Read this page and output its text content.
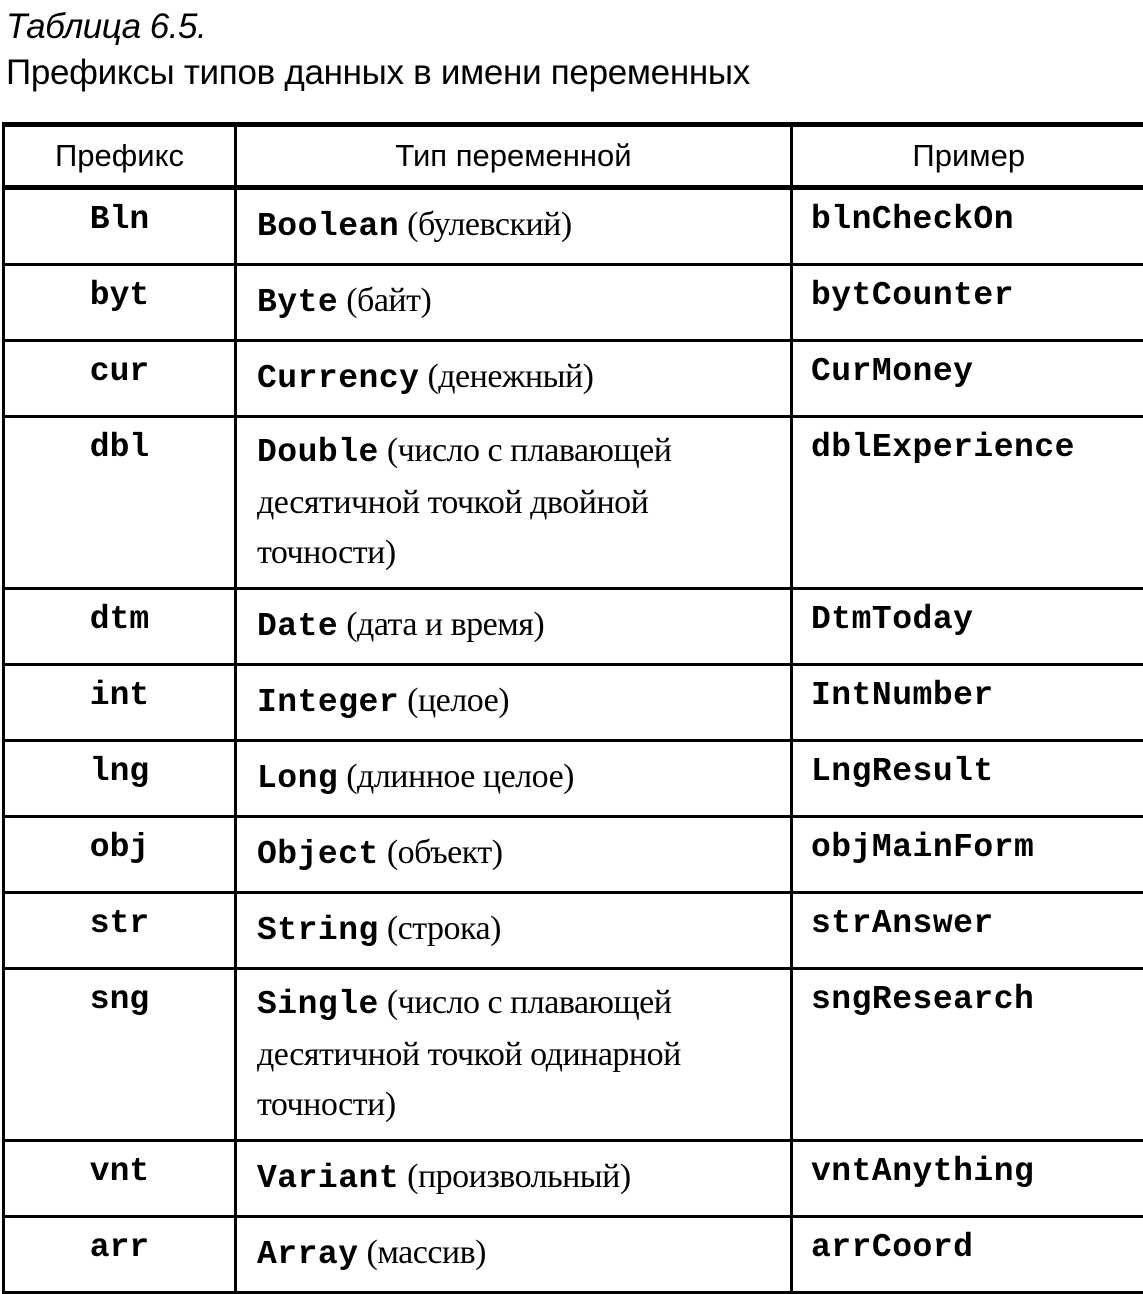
Таблица 6.5.
Префиксы типов данных в имени переменных
Префикс	Тип переменной	Пример
Bln	Boolean (булевский)	blnCheckOn
byt	Byte (байт)	bytCounter
cur	Currency (денежный)	CurMoney
dbl	Double (число с плавающей десятичной точкой двойной точности)	dblExperience
dtm	Date (дата и время)	DtmToday
int	Integer (целое)	IntNumber
lng	Long (длинное целое)	LngResult
obj	Object (объект)	objMainForm
str	String (строка)	strAnswer
sng	Single (число с плавающей десятичной точкой одинарной точности)	sngResearch
vnt	Variant (произвольный)	vntAnything
arr	Array (массив)	arrCoord
